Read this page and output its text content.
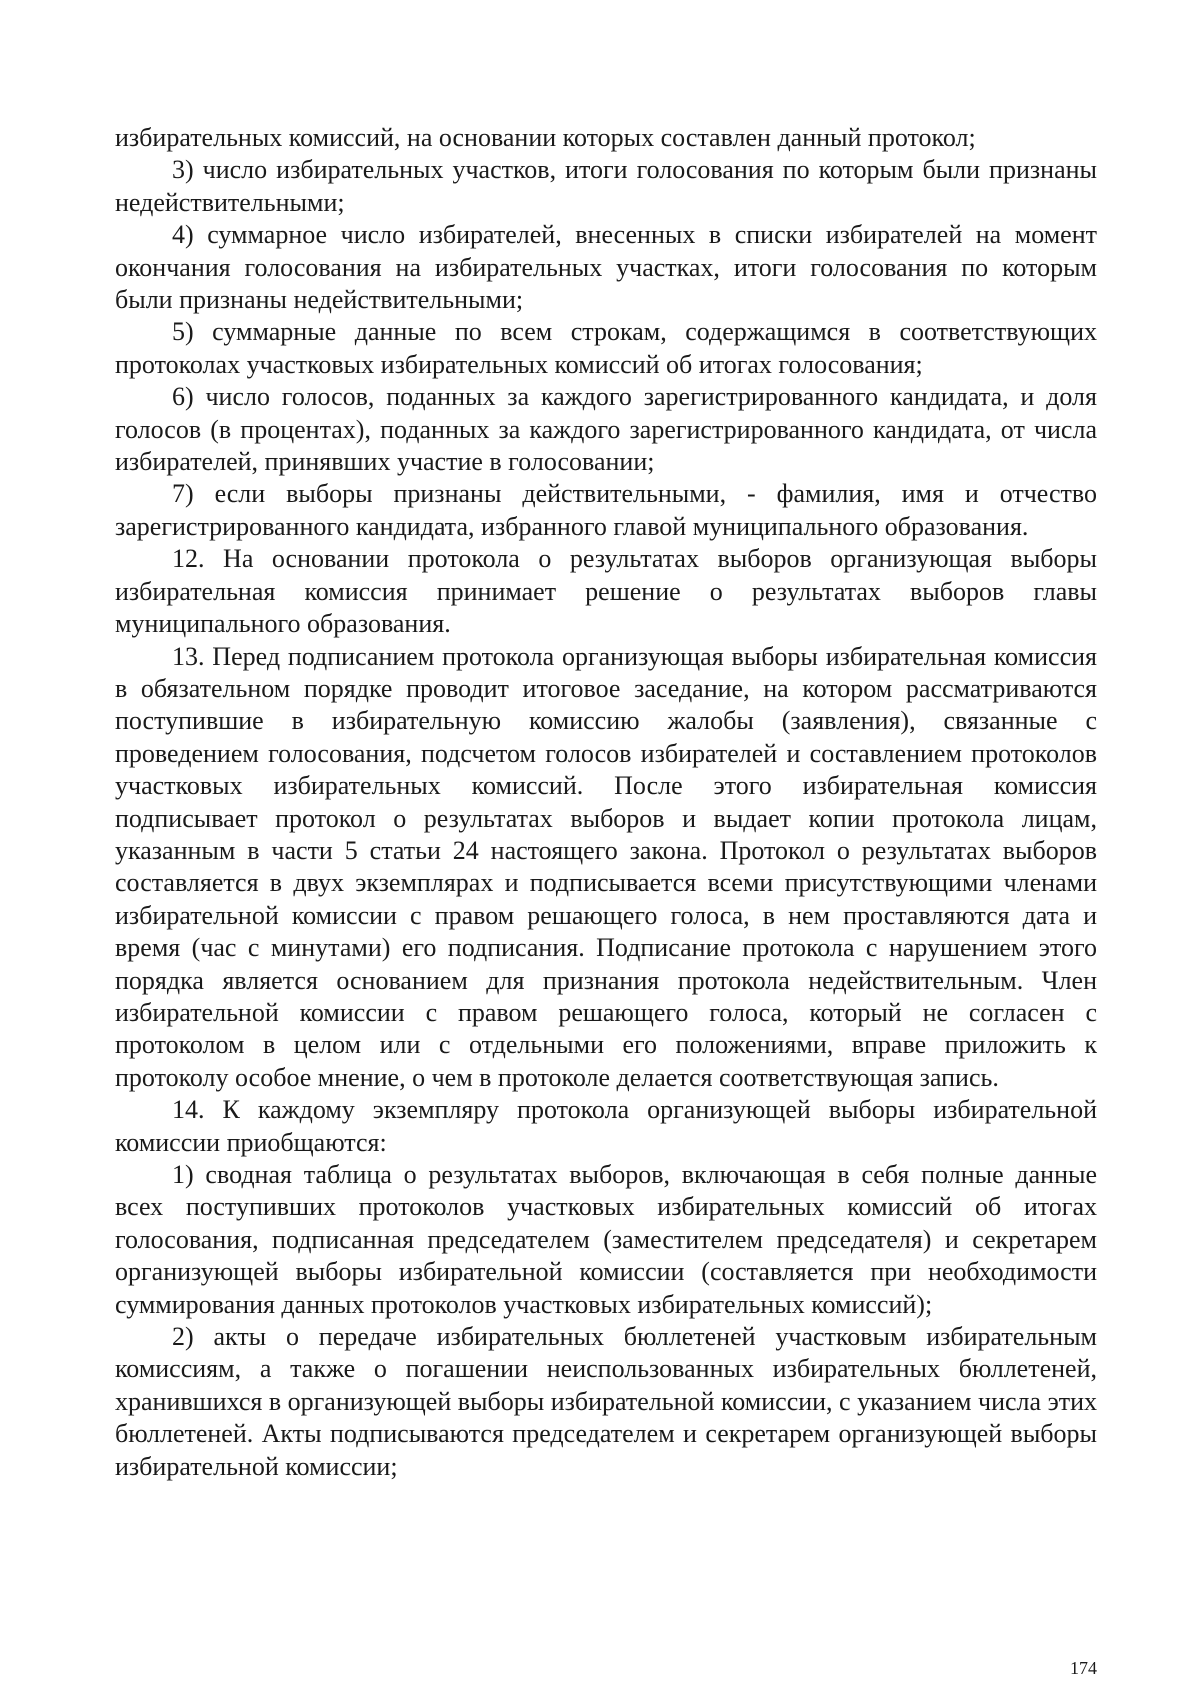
избирательных комиссий, на основании которых составлен данный протокол;

3) число избирательных участков, итоги голосования по которым были признаны недействительными;

4) суммарное число избирателей, внесенных в списки избирателей на момент окончания голосования на избирательных участках, итоги голосования по которым были признаны недействительными;

5) суммарные данные по всем строкам, содержащимся в соответствующих протоколах участковых избирательных комиссий об итогах голосования;

6) число голосов, поданных за каждого зарегистрированного кандидата, и доля голосов (в процентах), поданных за каждого зарегистрированного кандидата, от числа избирателей, принявших участие в голосовании;

7) если выборы признаны действительными, - фамилия, имя и отчество зарегистрированного кандидата, избранного главой муниципального образования.

12. На основании протокола о результатах выборов организующая выборы избирательная комиссия принимает решение о результатах выборов главы муниципального образования.

13. Перед подписанием протокола организующая выборы избирательная комиссия в обязательном порядке проводит итоговое заседание, на котором рассматриваются поступившие в избирательную комиссию жалобы (заявления), связанные с проведением голосования, подсчетом голосов избирателей и составлением протоколов участковых избирательных комиссий. После этого избирательная комиссия подписывает протокол о результатах выборов и выдает копии протокола лицам, указанным в части 5 статьи 24 настоящего закона. Протокол о результатах выборов составляется в двух экземплярах и подписывается всеми присутствующими членами избирательной комиссии с правом решающего голоса, в нем проставляются дата и время (час с минутами) его подписания. Подписание протокола с нарушением этого порядка является основанием для признания протокола недействительным. Член избирательной комиссии с правом решающего голоса, который не согласен с протоколом в целом или с отдельными его положениями, вправе приложить к протоколу особое мнение, о чем в протоколе делается соответствующая запись.

14. К каждому экземпляру протокола организующей выборы избирательной комиссии приобщаются:

1) сводная таблица о результатах выборов, включающая в себя полные данные всех поступивших протоколов участковых избирательных комиссий об итогах голосования, подписанная председателем (заместителем председателя) и секретарем организующей выборы избирательной комиссии (составляется при необходимости суммирования данных протоколов участковых избирательных комиссий);

2) акты о передаче избирательных бюллетеней участковым избирательным комиссиям, а также о погашении неиспользованных избирательных бюллетеней, хранившихся в организующей выборы избирательной комиссии, с указанием числа этих бюллетеней. Акты подписываются председателем и секретарем организующей выборы избирательной комиссии;

174
